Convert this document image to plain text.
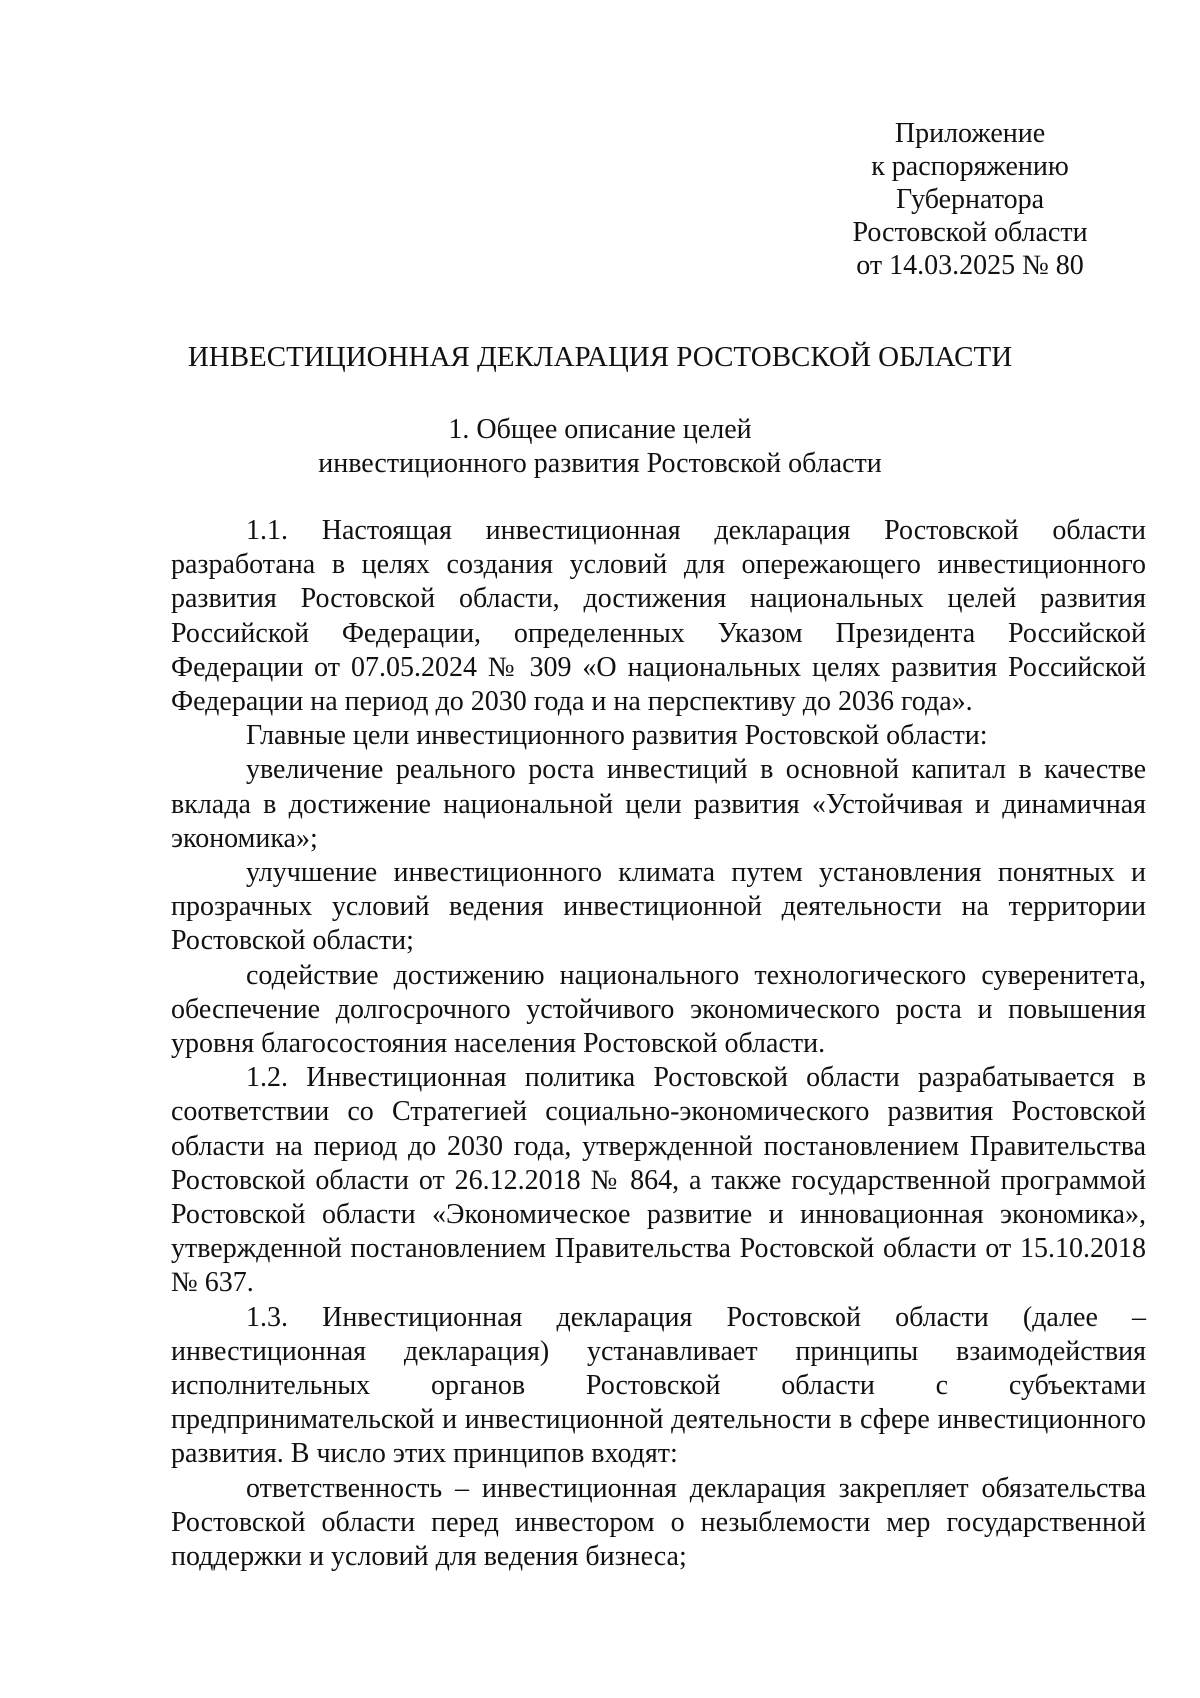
Приложение
к распоряжению
Губернатора
Ростовской области
от 14.03.2025 № 80
ИНВЕСТИЦИОННАЯ ДЕКЛАРАЦИЯ РОСТОВСКОЙ ОБЛАСТИ
1. Общее описание целей
инвестиционного развития Ростовской области

1.1. Настоящая инвестиционная декларация Ростовской области разработана в целях создания условий для опережающего инвестиционного развития Ростовской области, достижения национальных целей развития Российской Федерации, определенных Указом Президента Российской Федерации от 07.05.2024 № 309 «О национальных целях развития Российской Федерации на период до 2030 года и на перспективу до 2036 года».

Главные цели инвестиционного развития Ростовской области:

увеличение реального роста инвестиций в основной капитал в качестве вклада в достижение национальной цели развития «Устойчивая и динамичная экономика»;

улучшение инвестиционного климата путем установления понятных и прозрачных условий ведения инвестиционной деятельности на территории Ростовской области;

содействие достижению национального технологического суверенитета, обеспечение долгосрочного устойчивого экономического роста и повышения уровня благосостояния населения Ростовской области.

1.2. Инвестиционная политика Ростовской области разрабатывается в соответствии со Стратегией социально-экономического развития Ростовской области на период до 2030 года, утвержденной постановлением Правительства Ростовской области от 26.12.2018 № 864, а также государственной программой Ростовской области «Экономическое развитие и инновационная экономика», утвержденной постановлением Правительства Ростовской области от 15.10.2018 № 637.

1.3. Инвестиционная декларация Ростовской области (далее – инвестиционная декларация) устанавливает принципы взаимодействия исполнительных органов Ростовской области с субъектами предпринимательской и инвестиционной деятельности в сфере инвестиционного развития. В число этих принципов входят:

ответственность – инвестиционная декларация закрепляет обязательства Ростовской области перед инвестором о незыблемости мер государственной поддержки и условий для ведения бизнеса;
